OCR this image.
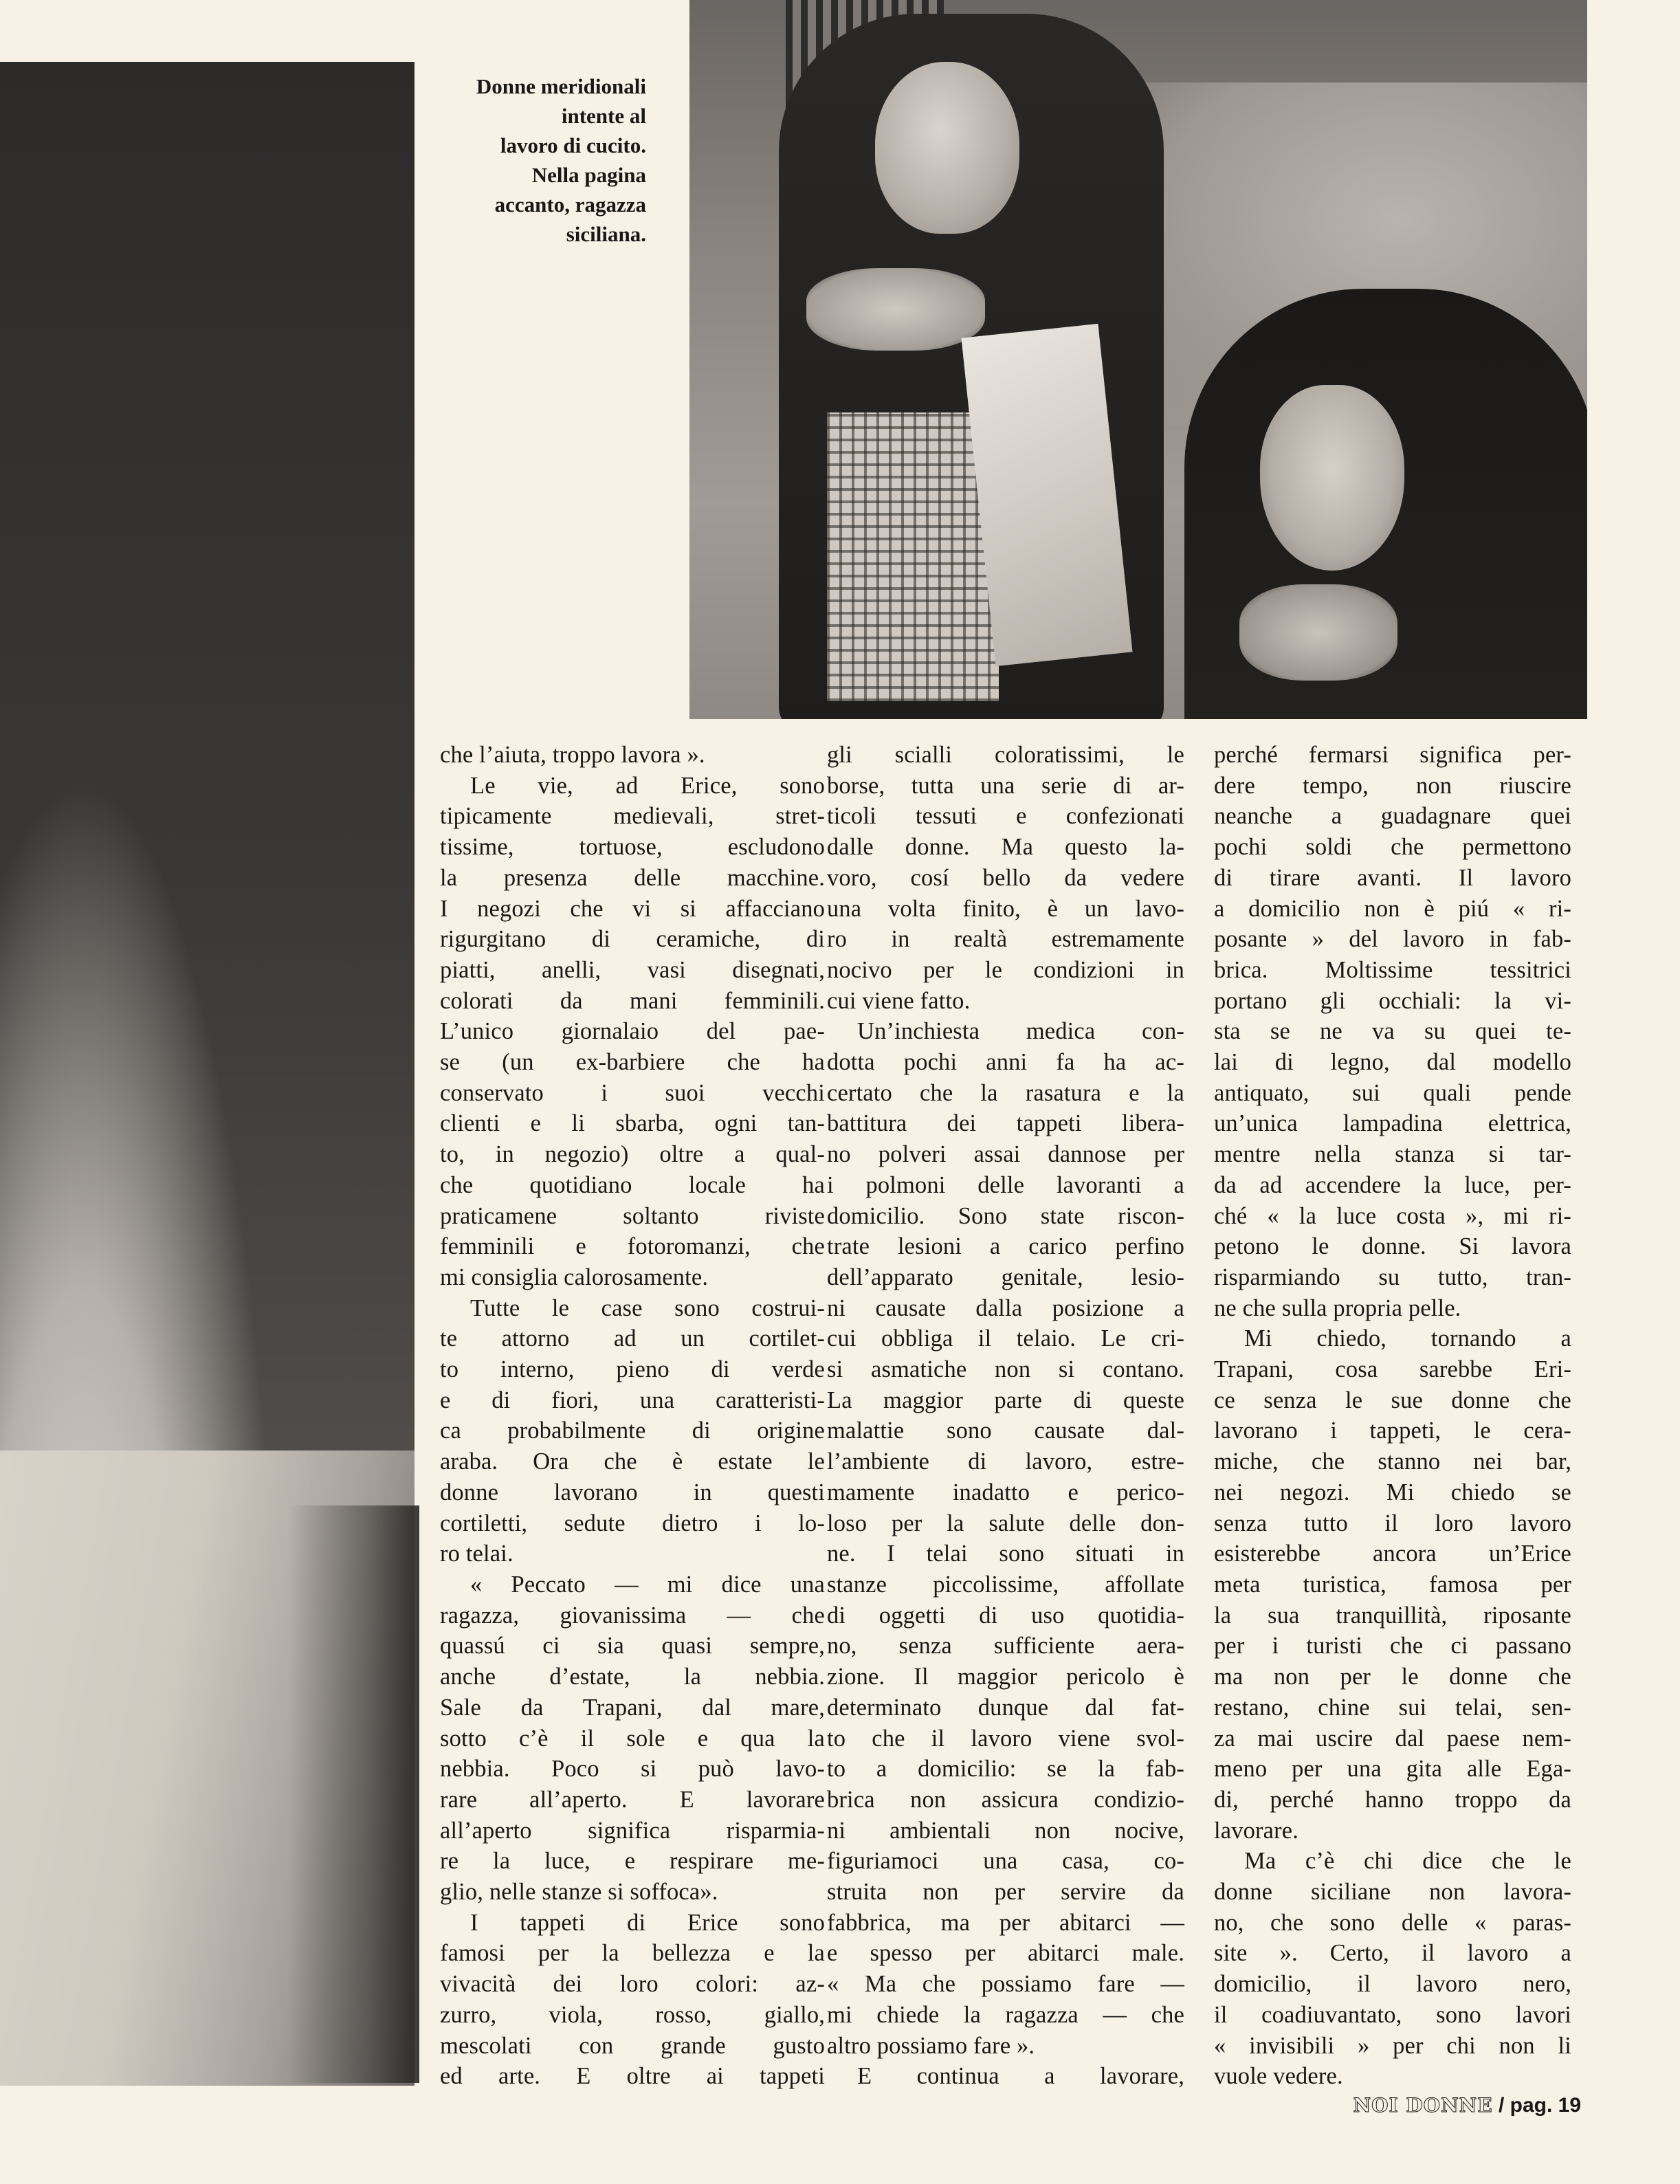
Donne meridionali
intente al
lavoro di cucito.
Nella pagina
accanto, ragazza
siciliana.
che l’aiuta, troppo lavora ».
Le vie, ad Erice, sono
tipicamente medievali, stret-
tissime, tortuose, escludono
la presenza delle macchine.
I negozi che vi si affacciano
rigurgitano di ceramiche, di
piatti, anelli, vasi disegnati,
colorati da mani femminili.
L’unico giornalaio del pae-
se (un ex-barbiere che ha
conservato i suoi vecchi
clienti e li sbarba, ogni tan-
to, in negozio) oltre a qual-
che quotidiano locale ha
praticamene soltanto riviste
femminili e fotoromanzi, che
mi consiglia calorosamente.
Tutte le case sono costrui-
te attorno ad un cortilet-
to interno, pieno di verde
e di fiori, una caratteristi-
ca probabilmente di origine
araba. Ora che è estate le
donne lavorano in questi
cortiletti, sedute dietro i lo-
ro telai.
« Peccato — mi dice una
ragazza, giovanissima — che
quassú ci sia quasi sempre,
anche d’estate, la nebbia.
Sale da Trapani, dal mare,
sotto c’è il sole e qua la
nebbia. Poco si può lavo-
rare all’aperto. E lavorare
all’aperto significa risparmia-
re la luce, e respirare me-
glio, nelle stanze si soffoca».
I tappeti di Erice sono
famosi per la bellezza e la
vivacità dei loro colori: az-
zurro, viola, rosso, giallo,
mescolati con grande gusto
ed arte. E oltre ai tappeti
gli scialli coloratissimi, le
borse, tutta una serie di ar-
ticoli tessuti e confezionati
dalle donne. Ma questo la-
voro, cosí bello da vedere
una volta finito, è un lavo-
ro in realtà estremamente
nocivo per le condizioni in
cui viene fatto.
Un’inchiesta medica con-
dotta pochi anni fa ha ac-
certato che la rasatura e la
battitura dei tappeti libera-
no polveri assai dannose per
i polmoni delle lavoranti a
domicilio. Sono state riscon-
trate lesioni a carico perfino
dell’apparato genitale, lesio-
ni causate dalla posizione a
cui obbliga il telaio. Le cri-
si asmatiche non si contano.
La maggior parte di queste
malattie sono causate dal-
l’ambiente di lavoro, estre-
mamente inadatto e perico-
loso per la salute delle don-
ne. I telai sono situati in
stanze piccolissime, affollate
di oggetti di uso quotidia-
no, senza sufficiente aera-
zione. Il maggior pericolo è
determinato dunque dal fat-
to che il lavoro viene svol-
to a domicilio: se la fab-
brica non assicura condizio-
ni ambientali non nocive,
figuriamoci una casa, co-
struita non per servire da
fabbrica, ma per abitarci —
e spesso per abitarci male.
« Ma che possiamo fare —
mi chiede la ragazza — che
altro possiamo fare ».
E continua a lavorare,
perché fermarsi significa per-
dere tempo, non riuscire
neanche a guadagnare quei
pochi soldi che permettono
di tirare avanti. Il lavoro
a domicilio non è piú « ri-
posante » del lavoro in fab-
brica. Moltissime tessitrici
portano gli occhiali: la vi-
sta se ne va su quei te-
lai di legno, dal modello
antiquato, sui quali pende
un’unica lampadina elettrica,
mentre nella stanza si tar-
da ad accendere la luce, per-
ché « la luce costa », mi ri-
petono le donne. Si lavora
risparmiando su tutto, tran-
ne che sulla propria pelle.
Mi chiedo, tornando a
Trapani, cosa sarebbe Eri-
ce senza le sue donne che
lavorano i tappeti, le cera-
miche, che stanno nei bar,
nei negozi. Mi chiedo se
senza tutto il loro lavoro
esisterebbe ancora un’Erice
meta turistica, famosa per
la sua tranquillità, riposante
per i turisti che ci passano
ma non per le donne che
restano, chine sui telai, sen-
za mai uscire dal paese nem-
meno per una gita alle Ega-
di, perché hanno troppo da
lavorare.
Ma c’è chi dice che le
donne siciliane non lavora-
no, che sono delle « paras-
site ». Certo, il lavoro a
domicilio, il lavoro nero,
il coadiuvantato, sono lavori
« invisibili » per chi non li
vuole vedere.
NOI DONNE / pag. 19
